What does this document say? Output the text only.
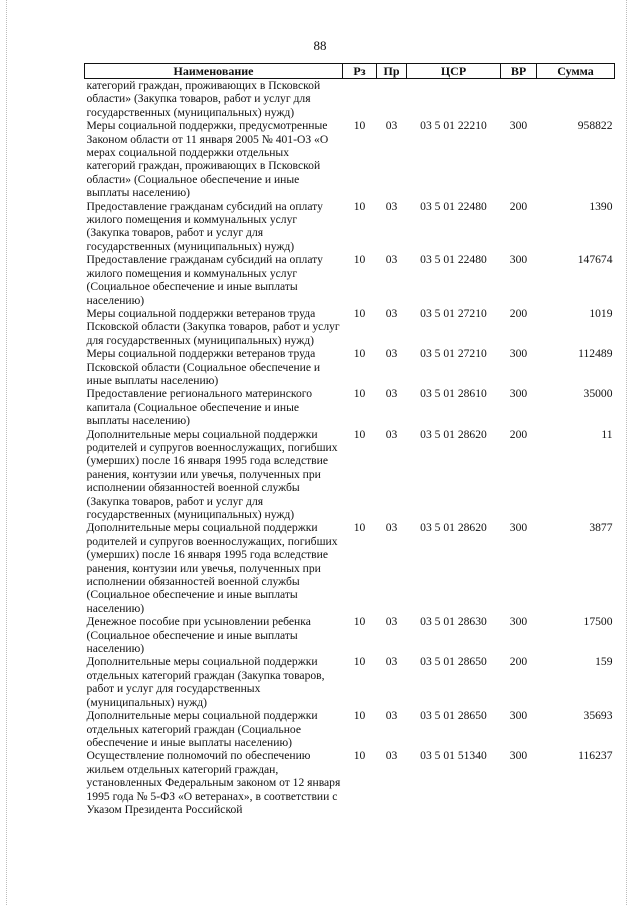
88
Наименование	Рз	Пр	ЦСР	ВР	Сумма
категорий граждан, проживающих в Псковской области» (Закупка товаров, работ и услуг для государственных (муниципальных) нужд)					
Меры социальной поддержки, предусмотренные Законом области от 11 января 2005 № 401-ОЗ «О мерах социальной поддержки отдельных категорий граждан, проживающих в Псковской области» (Социальное обеспечение и иные выплаты населению)	10	03	03 5 01 22210	300	958822
Предоставление гражданам субсидий на оплату жилого помещения и коммунальных услуг (Закупка товаров, работ и услуг для государственных (муниципальных) нужд)	10	03	03 5 01 22480	200	1390
Предоставление гражданам субсидий на оплату жилого помещения и коммунальных услуг (Социальное обеспечение и иные выплаты населению)	10	03	03 5 01 22480	300	147674
Меры социальной поддержки ветеранов труда Псковской области (Закупка товаров, работ и услуг для государственных (муниципальных) нужд)	10	03	03 5 01 27210	200	1019
Меры социальной поддержки ветеранов труда Псковской области (Социальное обеспечение и иные выплаты населению)	10	03	03 5 01 27210	300	112489
Предоставление регионального материнского капитала (Социальное обеспечение и иные выплаты населению)	10	03	03 5 01 28610	300	35000
Дополнительные меры социальной поддержки родителей и супругов военнослужащих, погибших (умерших) после 16 января 1995 года вследствие ранения, контузии или увечья, полученных при исполнении обязанностей военной службы (Закупка товаров, работ и услуг для государственных (муниципальных) нужд)	10	03	03 5 01 28620	200	11
Дополнительные меры социальной поддержки родителей и супругов военнослужащих, погибших (умерших) после 16 января 1995 года вследствие ранения, контузии или увечья, полученных при исполнении обязанностей военной службы (Социальное обеспечение и иные выплаты населению)	10	03	03 5 01 28620	300	3877
Денежное пособие при усыновлении ребенка (Социальное обеспечение и иные выплаты населению)	10	03	03 5 01 28630	300	17500
Дополнительные меры социальной поддержки отдельных категорий граждан (Закупка товаров, работ и услуг для государственных (муниципальных) нужд)	10	03	03 5 01 28650	200	159
Дополнительные меры социальной поддержки отдельных категорий граждан (Социальное обеспечение и иные выплаты населению)	10	03	03 5 01 28650	300	35693
Осуществление полномочий по обеспечению жильем отдельных категорий граждан, установленных Федеральным законом от 12 января 1995 года № 5-ФЗ «О ветеранах», в соответствии с Указом Президента Российской	10	03	03 5 01 51340	300	116237
